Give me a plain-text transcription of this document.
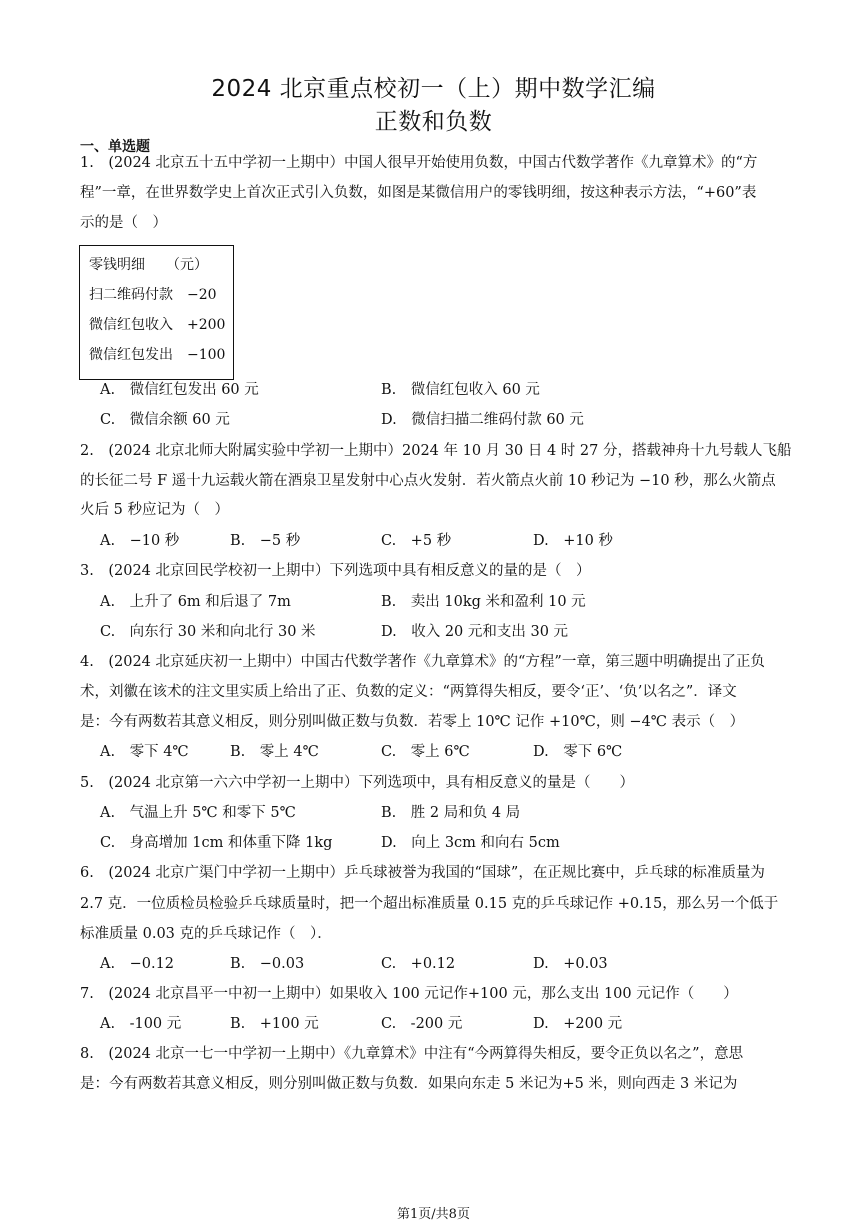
2024 北京重点校初一（上）期中数学汇编
正数和负数
一、单选题
1.　(2024 北京五十五中学初一上期中）中国人很早开始使用负数，中国古代数学著作《九章算术》的“方
程”一章，在世界数学史上首次正式引入负数，如图是某微信用户的零钱明细，按这种表示方法，“+60”表
示的是（　）
零钱明细　　（元）
扫二维码付款　−20
微信红包收入　+200
微信红包发出　−100
A.　微信红包发出 60 元	B.　微信红包收入 60 元
C.　微信余额 60 元	D.　微信扫描二维码付款 60 元
2.　(2024 北京北师大附属实验中学初一上期中）2024 年 10 月 30 日 4 时 27 分，搭载神舟十九号载人飞船
的长征二号 F 遥十九运载火箭在酒泉卫星发射中心点火发射．若火箭点火前 10 秒记为 −10 秒，那么火箭点
火后 5 秒应记为（　）
A.　−10 秒	B.　−5 秒	C.　+5 秒	D.　+10 秒
3.　(2024 北京回民学校初一上期中）下列选项中具有相反意义的量的是（　）
A.　上升了 6m 和后退了 7m	B.　卖出 10kg 米和盈利 10 元
C.　向东行 30 米和向北行 30 米	D.　收入 20 元和支出 30 元
4.　(2024 北京延庆初一上期中）中国古代数学著作《九章算术》的“方程”一章，第三题中明确提出了正负
术，刘徽在该术的注文里实质上给出了正、负数的定义：“两算得失相反，要令‘正’、‘负’以名之”．译文
是：今有两数若其意义相反，则分别叫做正数与负数．若零上 10℃ 记作 +10℃，则 −4℃ 表示（　）
A.　零下 4℃	B.　零上 4℃	C.　零上 6℃	D.　零下 6℃
5.　(2024 北京第一六六中学初一上期中）下列选项中，具有相反意义的量是（　　）
A.　气温上升 5℃ 和零下 5℃	B.　胜 2 局和负 4 局
C.　身高增加 1cm 和体重下降 1kg	D.　向上 3cm 和向右 5cm
6.　(2024 北京广渠门中学初一上期中）乒乓球被誉为我国的“国球”，在正规比赛中，乒乓球的标准质量为
2.7 克．一位质检员检验乒乓球质量时，把一个超出标准质量 0.15 克的乒乓球记作 +0.15，那么另一个低于
标准质量 0.03 克的乒乓球记作（　）．
A.　−0.12	B.　−0.03	C.　+0.12	D.　+0.03
7.　(2024 北京昌平一中初一上期中）如果收入 100 元记作+100 元，那么支出 100 元记作（　　）
A.　-100 元	B.　+100 元	C.　-200 元	D.　+200 元
8.　(2024 北京一七一中学初一上期中）《九章算术》中注有“今两算得失相反，要令正负以名之”，意思
是：今有两数若其意义相反，则分别叫做正数与负数．如果向东走 5 米记为+5 米，则向西走 3 米记为
第1页/共8页
